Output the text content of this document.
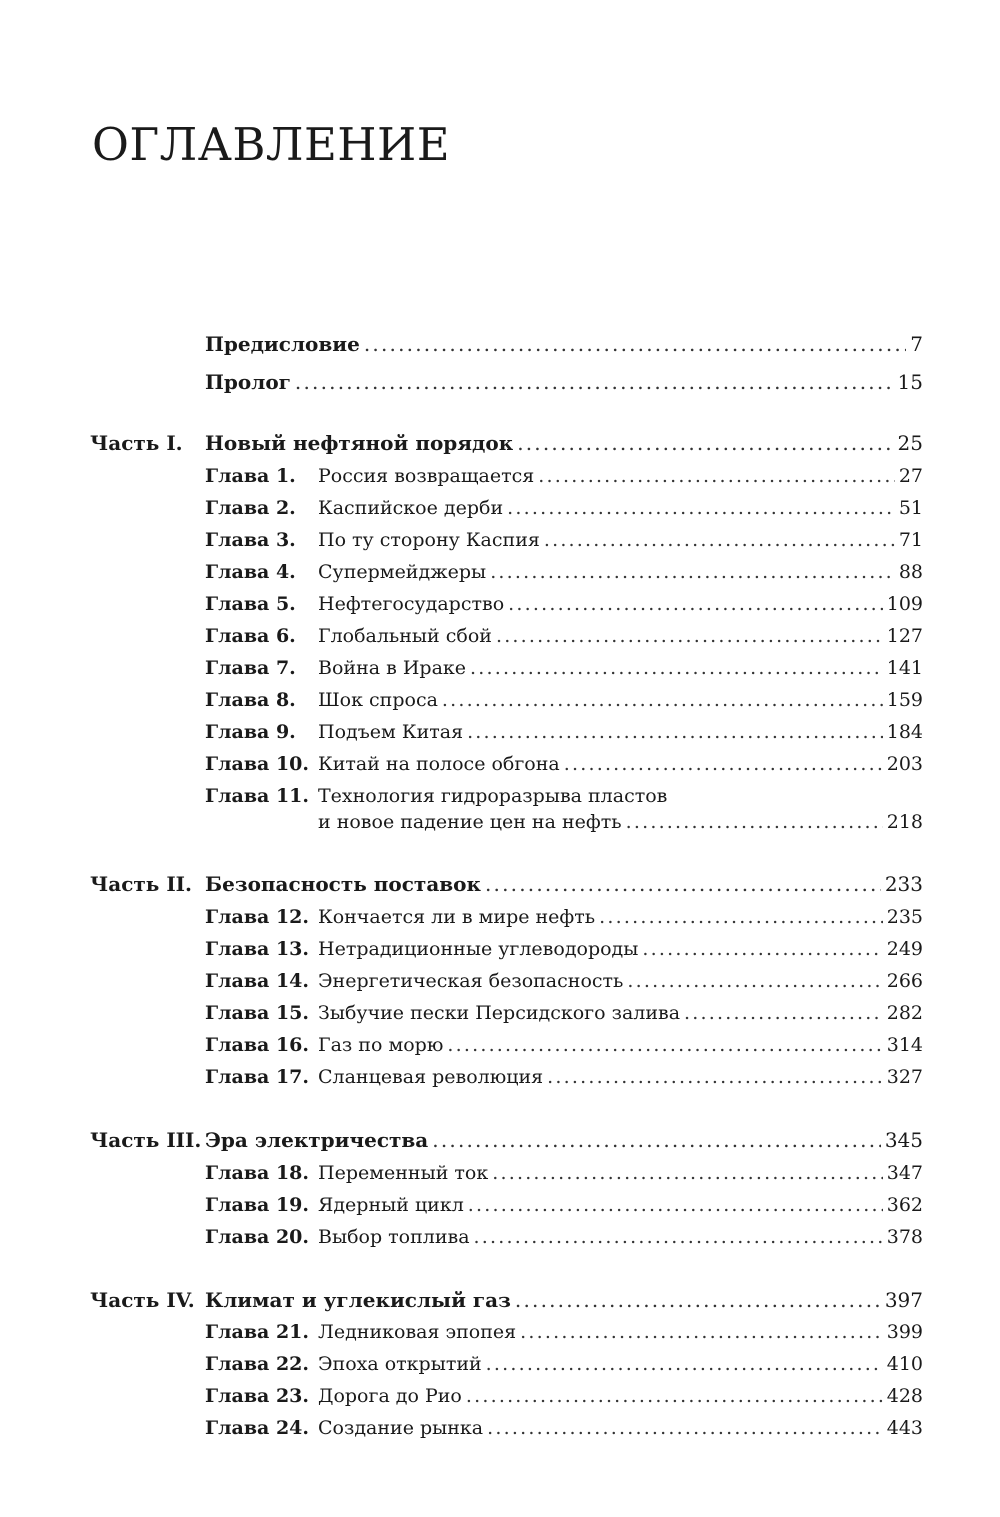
ОГЛАВЛЕНИЕ
Предисловие .....	7
Пролог .....	15
Часть I. Новый нефтяной порядок .....	25
Глава 1. Россия возвращается .....	27
Глава 2. Каспийское дерби .....	51
Глава 3. По ту сторону Каспия .....	71
Глава 4. Супермейджеры .....	88
Глава 5. Нефтегосударство .....	109
Глава 6. Глобальный сбой .....	127
Глава 7. Война в Ираке .....	141
Глава 8. Шок спроса .....	159
Глава 9. Подъем Китая .....	184
Глава 10. Китай на полосе обгона .....	203
Глава 11. Технология гидроразрыва пластов
и новое падение цен на нефть .....	218
Часть II. Безопасность поставок .....	233
Глава 12. Кончается ли в мире нефть .....	235
Глава 13. Нетрадиционные углеводороды .....	249
Глава 14. Энергетическая безопасность .....	266
Глава 15. Зыбучие пески Персидского залива .....	282
Глава 16. Газ по морю .....	314
Глава 17. Сланцевая революция .....	327
Часть III. Эра электричества .....	345
Глава 18. Переменный ток .....	347
Глава 19. Ядерный цикл .....	362
Глава 20. Выбор топлива .....	378
Часть IV. Климат и углекислый газ .....	397
Глава 21. Ледниковая эпопея .....	399
Глава 22. Эпоха открытий .....	410
Глава 23. Дорога до Рио .....	428
Глава 24. Создание рынка .....	443
